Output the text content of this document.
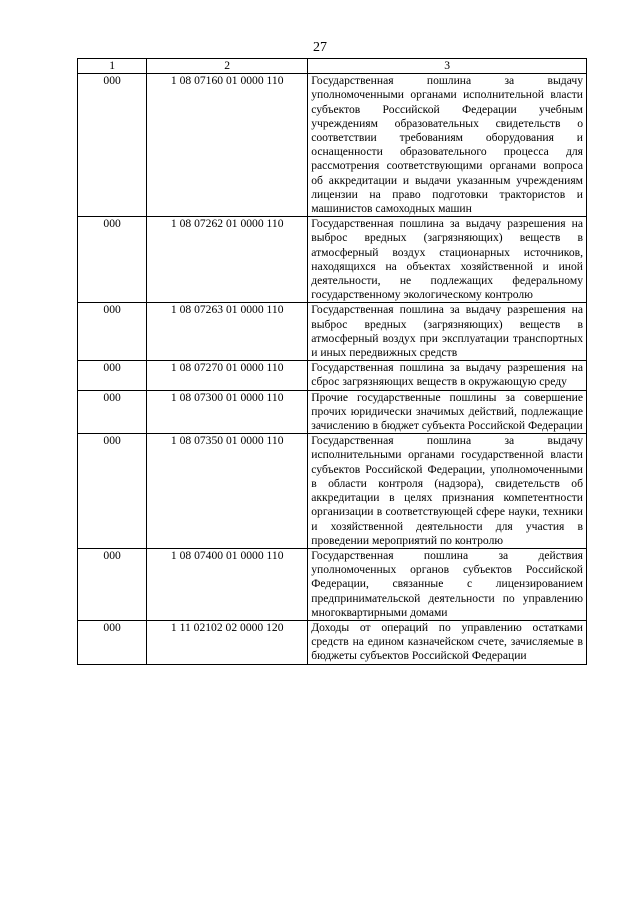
27
1	2	3
000	1 08 07160 01 0000 110	Государственная пошлина за выдачу уполномоченными органами исполнительной власти субъектов Российской Федерации учебным учреждениям образовательных свидетельств о соответствии требованиям оборудования и оснащенности образовательного процесса для рассмотрения соответствующими органами вопроса об аккредитации и выдачи указанным учреждениям лицензии на право подготовки трактористов и машинистов самоходных машин
000	1 08 07262 01 0000 110	Государственная пошлина за выдачу разрешения на выброс вредных (загрязняющих) веществ в атмосферный воздух стационарных источников, находящихся на объектах хозяйственной и иной деятельности, не подлежащих федеральному государственному экологическому контролю
000	1 08 07263 01 0000 110	Государственная пошлина за выдачу разрешения на выброс вредных (загрязняющих) веществ в атмосферный воздух при эксплуатации транспортных и иных передвижных средств
000	1 08 07270 01 0000 110	Государственная пошлина за выдачу разрешения на сброс загрязняющих веществ в окружающую среду
000	1 08 07300 01 0000 110	Прочие государственные пошлины за совершение прочих юридически значимых действий, подлежащие зачислению в бюджет субъекта Российской Федерации
000	1 08 07350 01 0000 110	Государственная пошлина за выдачу исполнительными органами государственной власти субъектов Российской Федерации, уполномоченными в области контроля (надзора), свидетельств об аккредитации в целях признания компетентности организации в соответствующей сфере науки, техники и хозяйственной деятельности для участия в проведении мероприятий по контролю
000	1 08 07400 01 0000 110	Государственная пошлина за действия уполномоченных органов субъектов Российской Федерации, связанные с лицензированием предпринимательской деятельности по управлению многоквартирными домами
000	1 11 02102 02 0000 120	Доходы от операций по управлению остатками средств на едином казначейском счете, зачисляемые в бюджеты субъектов Российской Федерации
